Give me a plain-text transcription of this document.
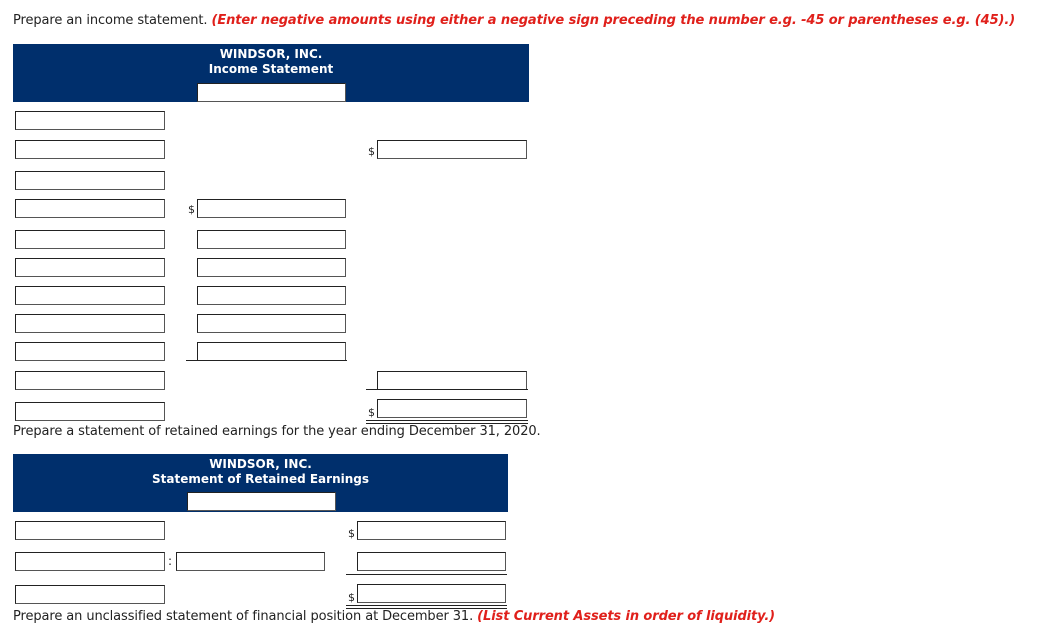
Prepare an income statement. (Enter negative amounts using either a negative sign preceding the number e.g. -45 or parentheses e.g. (45).)
WINDSOR, INC.
Income Statement
$
$
$
Prepare a statement of retained earnings for the year ending December 31, 2020.
WINDSOR, INC.
Statement of Retained Earnings
$
:
$
Prepare an unclassified statement of financial position at December 31. (List Current Assets in order of liquidity.)
